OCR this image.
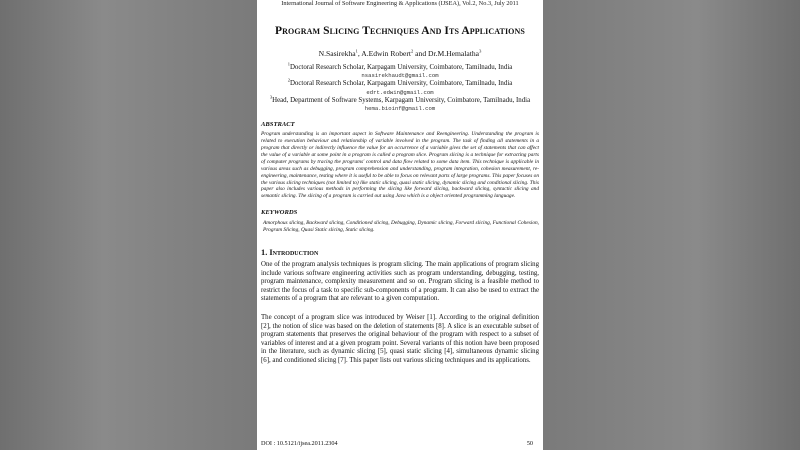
International Journal of Software Engineering & Applications (IJSEA), Vol.2, No.3, July 2011
Program Slicing Techniques And Its Applications
N.Sasirekha$^1$, A.Edwin Robert$^2$ and Dr.M.Hemalatha$^3$
$^1$Doctoral Research Scholar, Karpagam University, Coimbatore, Tamilnadu, India
nsasirekhaudt@gmail.com
$^2$Doctoral Research Scholar, Karpagam University, Coimbatore, Tamilnadu, India
edrt.edwin@gmail.com
$^3$Head, Department of Software Systems, Karpagam University, Coimbatore, Tamilnadu, India
hema.bioinf@gmail.com
ABSTRACT
Program understanding is an important aspect in Software Maintenance and Reengineering. Understanding the program is related to execution behaviour and relationship of variable involved in the program. The task of finding all statements in a program that directly or indirectly influence the value for an occurrence of a variable gives the set of statements that can affect the value of a variable at some point in a program is called a program slice. Program slicing is a technique for extracting parts of computer programs by tracing the programs' control and data flow related to some data item. This technique is applicable in various areas such as debugging, program comprehension and understanding, program integration, cohesion measurement, re-engineering, maintenance, testing where it is useful to be able to focus on relevant parts of large programs. This paper focuses on the various slicing techniques (not limited to) like static slicing, quasi static slicing, dynamic slicing and conditional slicing. This paper also includes various methods in performing the slicing like forward slicing, backward slicing, syntactic slicing and semantic slicing. The slicing of a program is carried out using Java which is a object oriented programming language.
KEYWORDS
Amorphous slicing, Backward slicing, Conditioned slicing, Debugging, Dynamic slicing, Forward slicing, Functional Cohesion, Program Slicing, Quasi Static slicing, Static slicing.
1. Introduction
One of the program analysis techniques is program slicing. The main applications of program slicing include various software engineering activities such as program understanding, debugging, testing, program maintenance, complexity measurement and so on. Program slicing is a feasible method to restrict the focus of a task to specific sub-components of a program. It can also be used to extract the statements of a program that are relevant to a given computation.
The concept of a program slice was introduced by Weiser [1]. According to the original definition [2], the notion of slice was based on the deletion of statements [8]. A slice is an executable subset of program statements that preserves the original behaviour of the program with respect to a subset of variables of interest and at a given program point. Several variants of this notion have been proposed in the literature, such as dynamic slicing [5], quasi static slicing [4], simultaneous dynamic slicing [6], and conditioned slicing [7]. This paper lists out various slicing techniques and its applications.
DOI : 10.5121/ijsea.2011.2304	50
